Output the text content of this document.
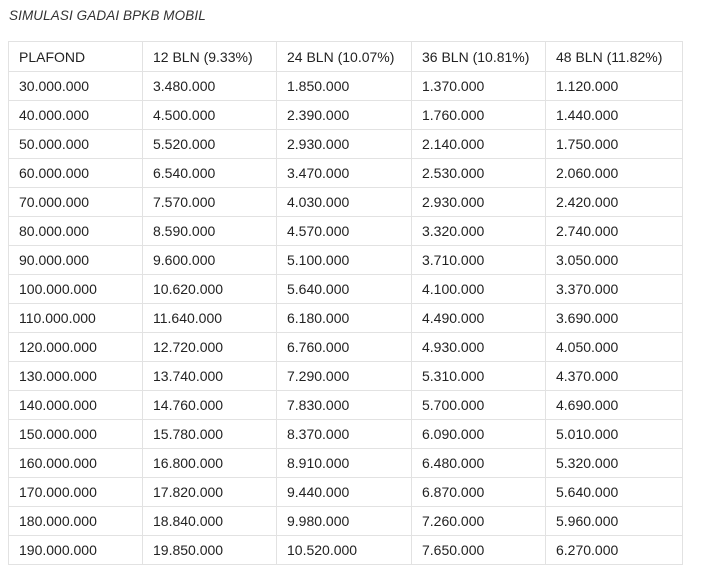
SIMULASI GADAI BPKB MOBIL
PLAFOND	12 BLN (9.33%)	24 BLN (10.07%)	36 BLN (10.81%)	48 BLN (11.82%)
30.000.000	3.480.000	1.850.000	1.370.000	1.120.000
40.000.000	4.500.000	2.390.000	1.760.000	1.440.000
50.000.000	5.520.000	2.930.000	2.140.000	1.750.000
60.000.000	6.540.000	3.470.000	2.530.000	2.060.000
70.000.000	7.570.000	4.030.000	2.930.000	2.420.000
80.000.000	8.590.000	4.570.000	3.320.000	2.740.000
90.000.000	9.600.000	5.100.000	3.710.000	3.050.000
100.000.000	10.620.000	5.640.000	4.100.000	3.370.000
110.000.000	11.640.000	6.180.000	4.490.000	3.690.000
120.000.000	12.720.000	6.760.000	4.930.000	4.050.000
130.000.000	13.740.000	7.290.000	5.310.000	4.370.000
140.000.000	14.760.000	7.830.000	5.700.000	4.690.000
150.000.000	15.780.000	8.370.000	6.090.000	5.010.000
160.000.000	16.800.000	8.910.000	6.480.000	5.320.000
170.000.000	17.820.000	9.440.000	6.870.000	5.640.000
180.000.000	18.840.000	9.980.000	7.260.000	5.960.000
190.000.000	19.850.000	10.520.000	7.650.000	6.270.000
